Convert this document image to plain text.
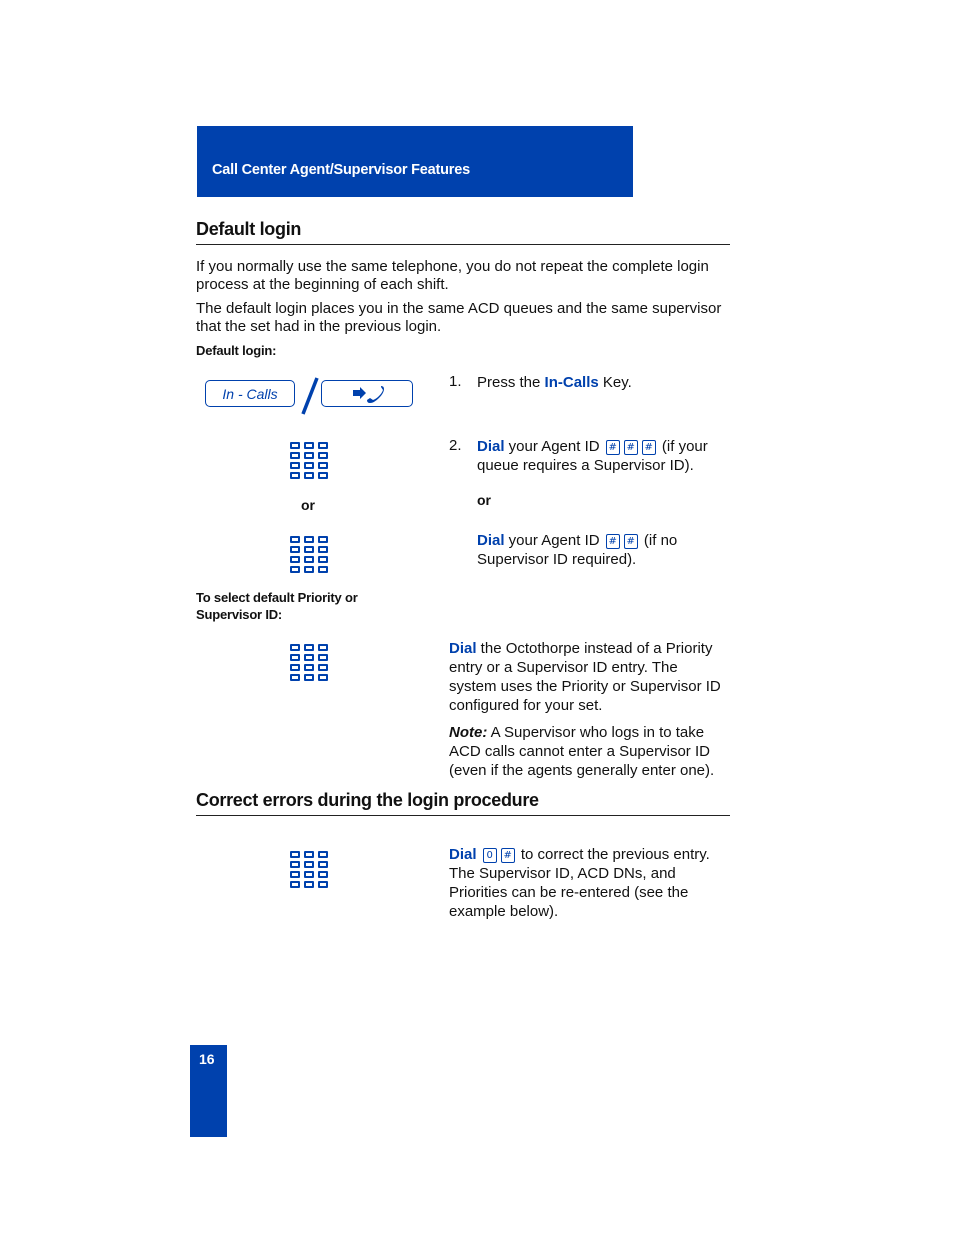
Call Center Agent/Supervisor Features
Default login
If you normally use the same telephone, you do not repeat the complete login process at the beginning of each shift.
The default login places you in the same ACD queues and the same supervisor that the set had in the previous login.
Default login:
In - Calls
1. Press the In-Calls Key.
or
2. Dial your Agent ID # # # (if your queue requires a Supervisor ID).
or
Dial your Agent ID # # (if no Supervisor ID required).
To select default Priority or Supervisor ID:
Dial the Octothorpe instead of a Priority entry or a Supervisor ID entry. The system uses the Priority or Supervisor ID configured for your set.
Note: A Supervisor who logs in to take ACD calls cannot enter a Supervisor ID (even if the agents generally enter one).
Correct errors during the login procedure
Dial 0 # to correct the previous entry. The Supervisor ID, ACD DNs, and Priorities can be re-entered (see the example below).
16
